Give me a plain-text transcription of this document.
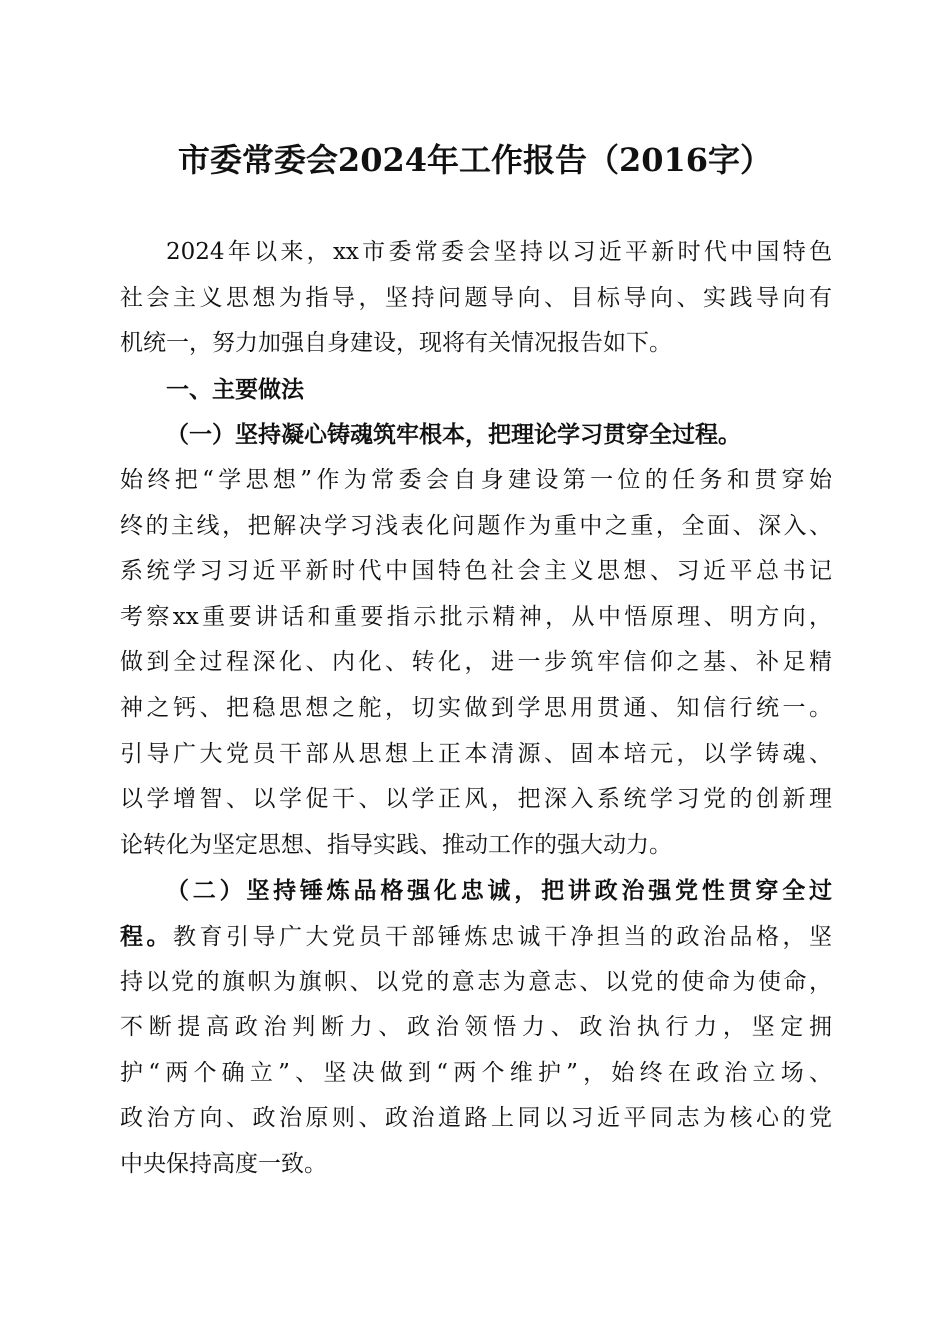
市委常委会2024年工作报告（2016字）
2024年以来，xx市委常委会坚持以习近平新时代中国特色
社会主义思想为指导，坚持问题导向、目标导向、实践导向有
机统一，努力加强自身建设，现将有关情况报告如下。
一、主要做法
（一）坚持凝心铸魂筑牢根本，把理论学习贯穿全过程。
始终把“学思想”作为常委会自身建设第一位的任务和贯穿始
终的主线，把解决学习浅表化问题作为重中之重，全面、深入、
系统学习习近平新时代中国特色社会主义思想、习近平总书记
考察xx重要讲话和重要指示批示精神，从中悟原理、明方向，
做到全过程深化、内化、转化，进一步筑牢信仰之基、补足精
神之钙、把稳思想之舵，切实做到学思用贯通、知信行统一。
引导广大党员干部从思想上正本清源、固本培元，以学铸魂、
以学增智、以学促干、以学正风，把深入系统学习党的创新理
论转化为坚定思想、指导实践、推动工作的强大动力。
（二）坚持锤炼品格强化忠诚，把讲政治强党性贯穿全过
程。教育引导广大党员干部锤炼忠诚干净担当的政治品格，坚
持以党的旗帜为旗帜、以党的意志为意志、以党的使命为使命，
不断提高政治判断力、政治领悟力、政治执行力，坚定拥
护“两个确立”、坚决做到“两个维护”，始终在政治立场、
政治方向、政治原则、政治道路上同以习近平同志为核心的党
中央保持高度一致。
